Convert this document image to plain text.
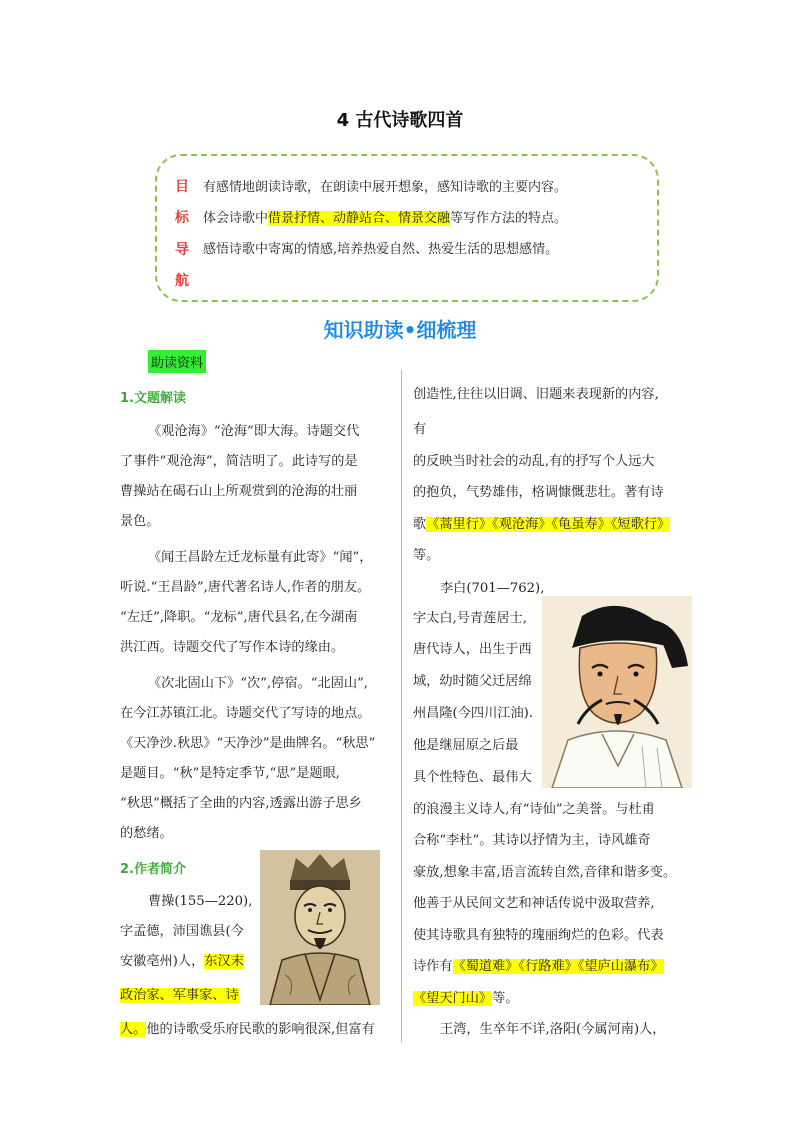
4 古代诗歌四首
目
标
导
航
有感情地朗读诗歌，在朗读中展开想象，感知诗歌的主要内容。
体会诗歌中借景抒情、动静站合、情景交融等写作方法的特点。
感悟诗歌中寄寓的情感,培养热爱自然、热爱生活的思想感情。
知识助读•细梳理
助读资料
1.文题解读
《观沧海》“沧海”即大海。诗题交代
了事件“观沧海”，简洁明了。此诗写的是
曹操站在碣石山上所观赏到的沧海的壮丽
景色。
《闻王昌龄左迁龙标量有此寄》“闻”，
听说.“王昌龄”,唐代著名诗人,作者的朋友。
“左迁”,降职。“龙标”,唐代县名,在今湖南
洪江西。诗题交代了写作本诗的缘由。
《次北固山下》“次”,停宿。“北固山”,
在今江苏镇江北。诗题交代了写诗的地点。
《天净沙.秋思》“天净沙”是曲牌名。“秋思”
是题目。“秋”是特定季节,“思”是题眼,
“秋思”概括了全曲的内容,透露出游子思乡
的愁绪。
2.作者简介
曹操(155—220),
字孟德，沛国谯县(今
安徽亳州)人，东汉末
政治家、军事家、诗
人。他的诗歌受乐府民歌的影响很深,但富有
创造性,往往以旧调、旧题来表现新的内容,
有
的反映当时社会的动乱,有的抒写个人远大
的抱负，气势雄伟，格调慷慨悲壮。著有诗
歌《蒿里行》《观沧海》《龟虽寿》《短歌行》
等。
李白(701—762),
字太白,号青莲居士,
唐代诗人，出生于西
域，幼时随父迁居绵
州昌隆(今四川江油).
他是继屈原之后最
具个性特色、最伟大
的浪漫主义诗人,有“诗仙”之美誉。与杜甫
合称“李杜”。其诗以抒情为主，诗风雄奇
豪放,想象丰富,语言流转自然,音律和谐多变。
他善于从民间文艺和神话传说中汲取营养,
使其诗歌具有独特的瑰丽绚烂的色彩。代表
诗作有《蜀道难》《行路难》《望庐山瀑布》
《望天门山》等。
王湾，生卒年不详,洛阳(今属河南)人，
